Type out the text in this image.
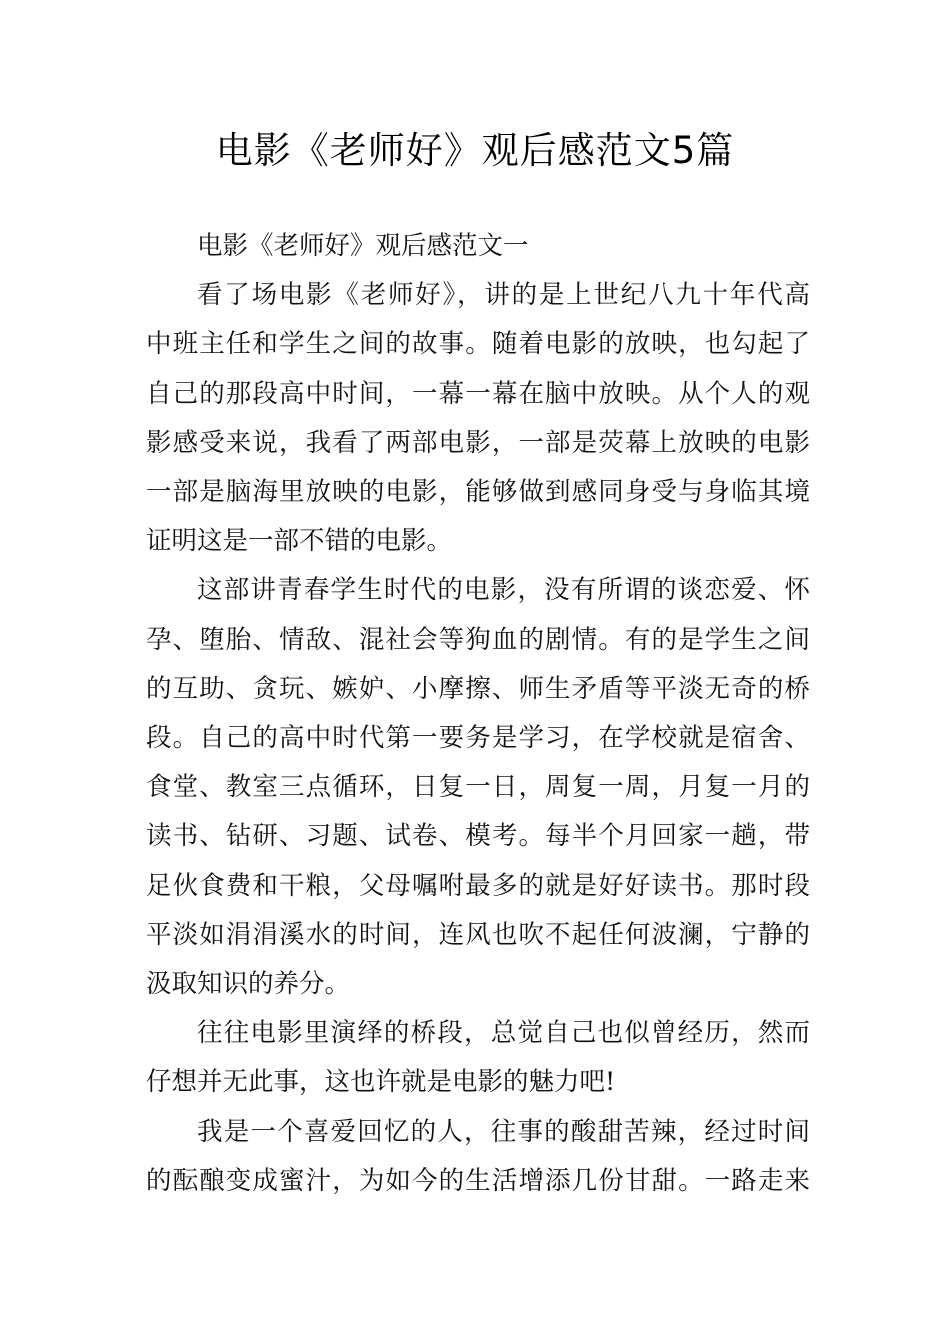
电影《老师好》观后感范文5篇
电影《老师好》观后感范文一
看了场电影《老师好》，讲的是上世纪八九十年代高
中班主任和学生之间的故事。随着电影的放映，也勾起了
自己的那段高中时间，一幕一幕在脑中放映。从个人的观
影感受来说，我看了两部电影，一部是荧幕上放映的电影
一部是脑海里放映的电影，能够做到感同身受与身临其境
证明这是一部不错的电影。
这部讲青春学生时代的电影，没有所谓的谈恋爱、怀
孕、堕胎、情敌、混社会等狗血的剧情。有的是学生之间
的互助、贪玩、嫉妒、小摩擦、师生矛盾等平淡无奇的桥
段。自己的高中时代第一要务是学习，在学校就是宿舍、
食堂、教室三点循环，日复一日，周复一周，月复一月的
读书、钻研、习题、试卷、模考。每半个月回家一趟，带
足伙食费和干粮，父母嘱咐最多的就是好好读书。那时段
平淡如涓涓溪水的时间，连风也吹不起任何波澜，宁静的
汲取知识的养分。
往往电影里演绎的桥段，总觉自己也似曾经历，然而
仔想并无此事，这也许就是电影的魅力吧!
我是一个喜爱回忆的人，往事的酸甜苦辣，经过时间
的酝酿变成蜜汁，为如今的生活增添几份甘甜。一路走来
